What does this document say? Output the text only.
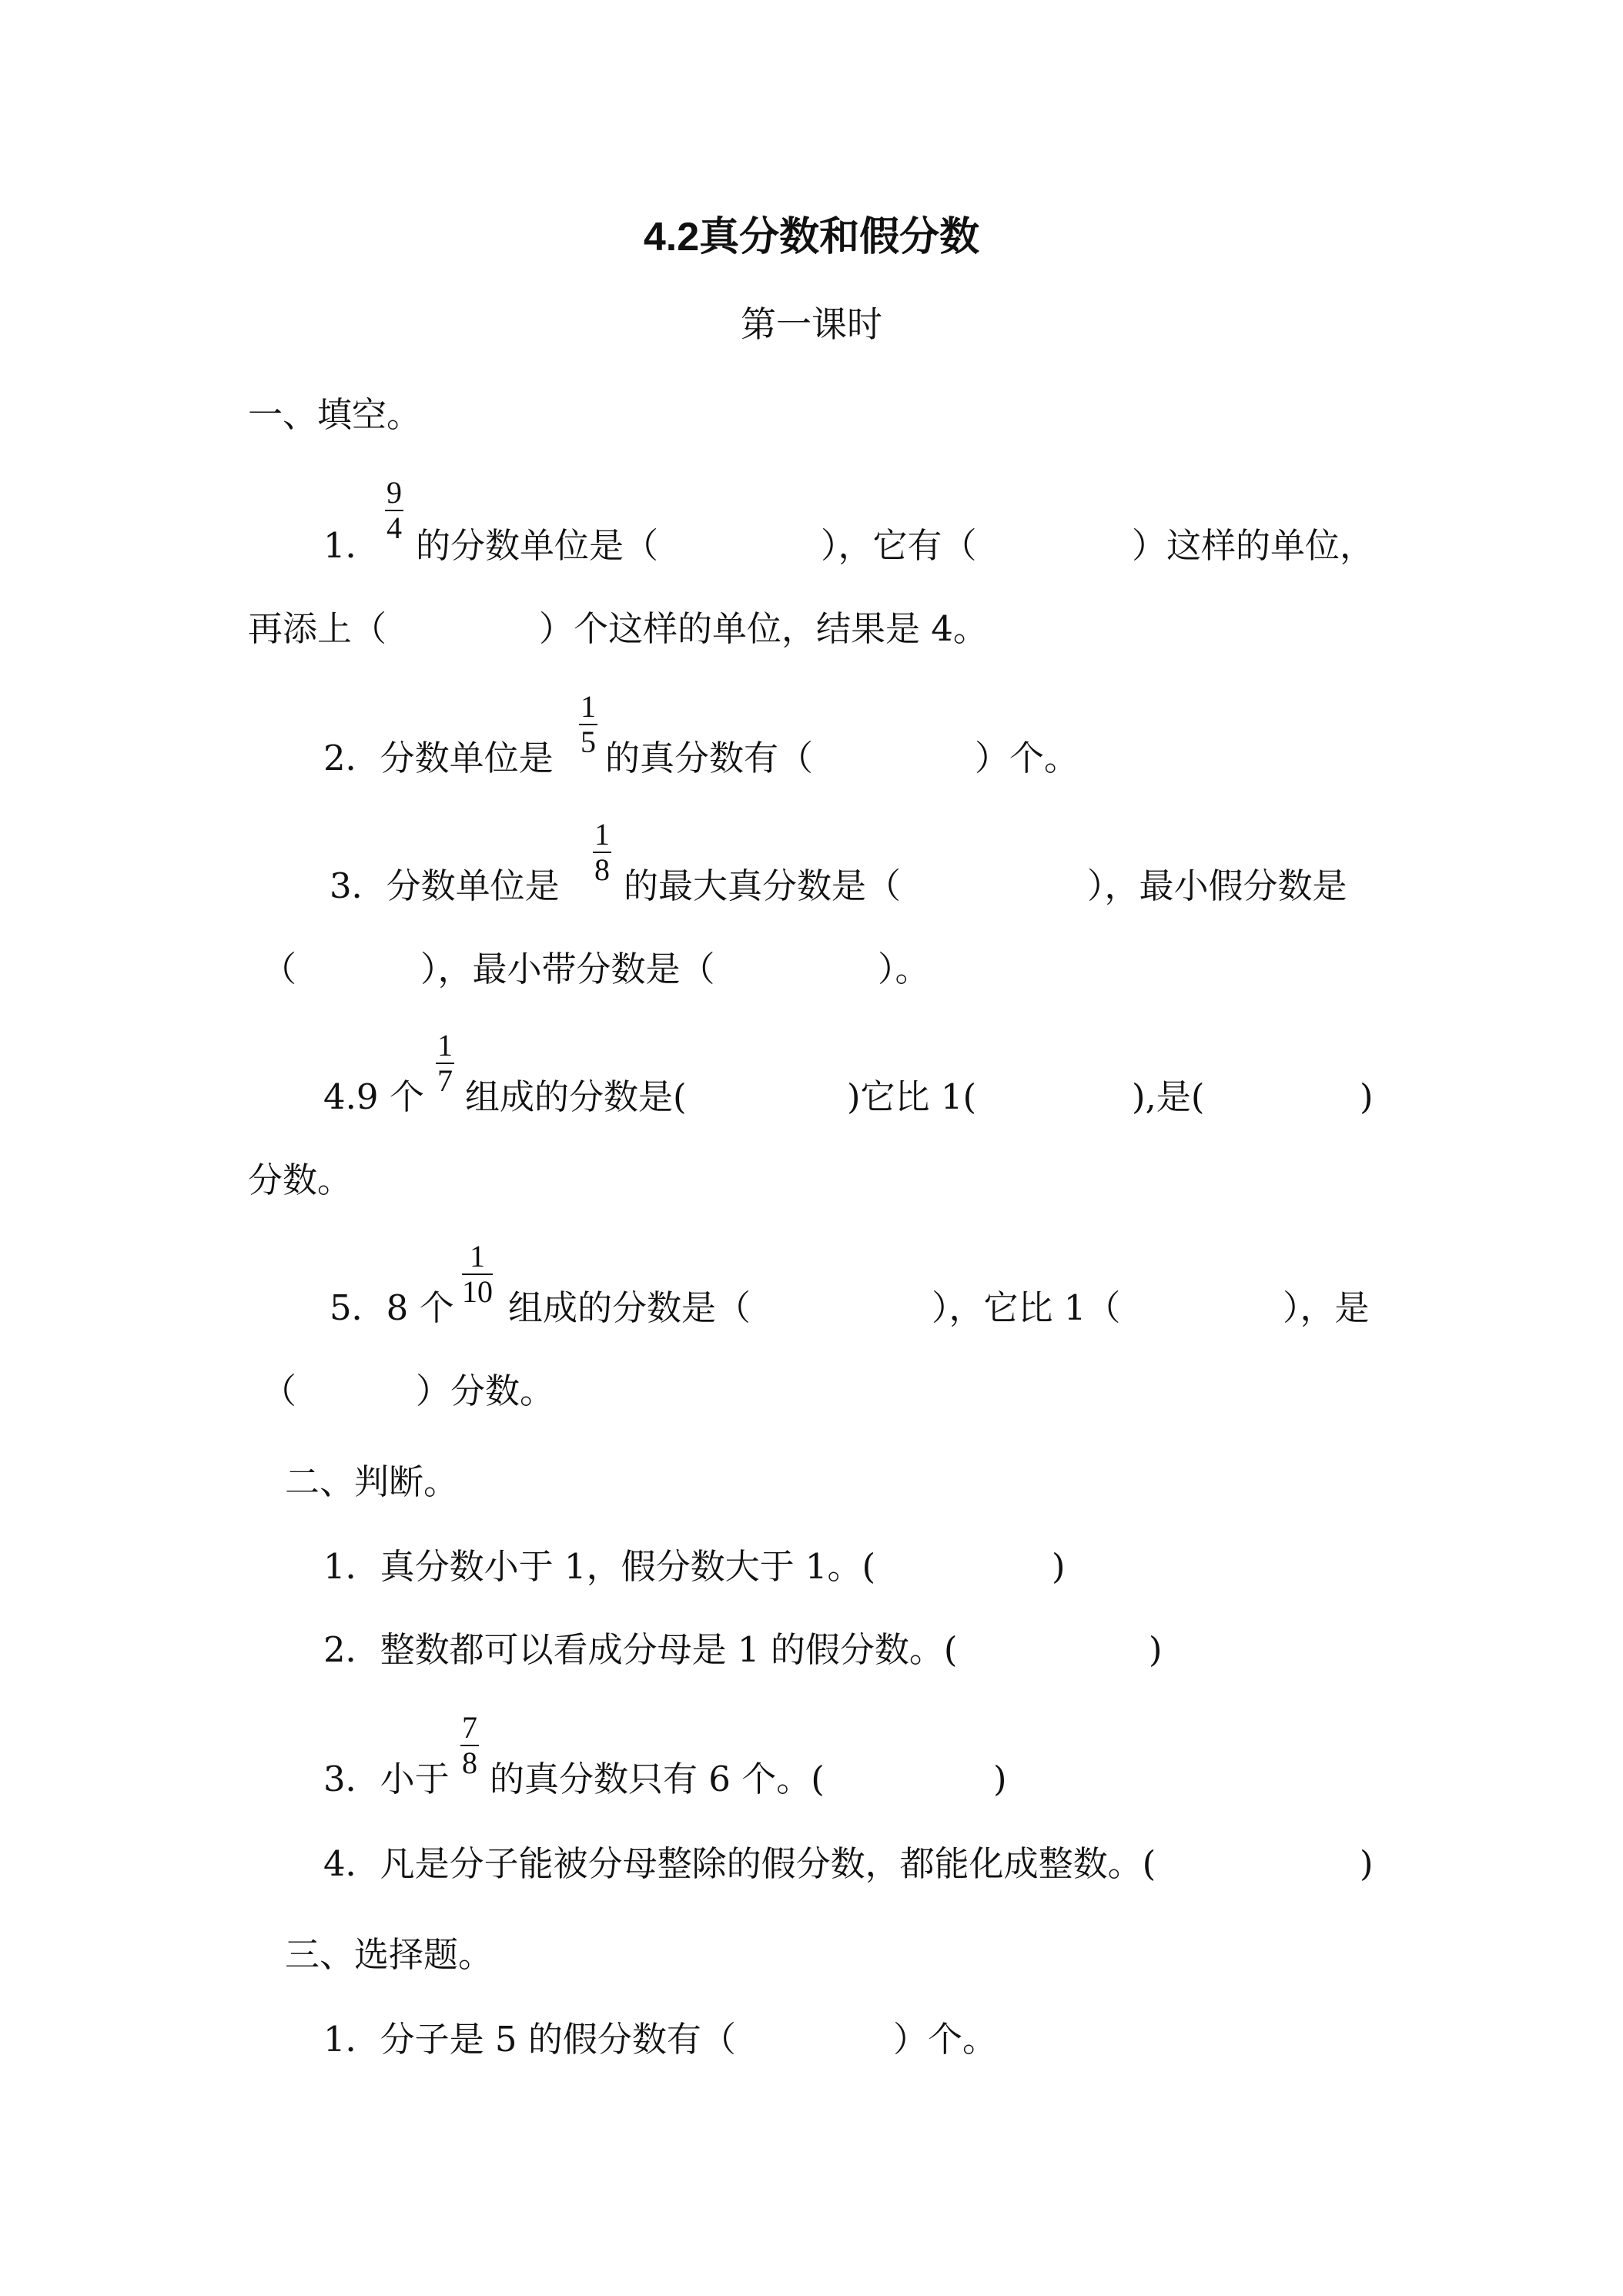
4.2真分数和假分数
第一课时
一、填空。
1．
9
4 的分数单位是（	），它有（	）这样的单位，
再添上（	）个这样的单位，结果是 4。
2．分数单位是
1
5 的真分数有（	）个。
3．分数单位是
1
8 的最大真分数是（	），最小假分数是
（	），最小带分数是（	）。
4.9 个
1
7 组成的分数是(	)它比 1(	),是(	)
分数。
5．8 个
1
10 组成的分数是（	），它比 1（	），是
（	）分数。
二、判断。
1．真分数小于 1，假分数大于 1。(	)
2．整数都可以看成分母是 1 的假分数。(	)
3．小于
7
8 的真分数只有 6 个。(	)
4．凡是分子能被分母整除的假分数，都能化成整数。(	)
三、选择题。
1．分子是 5 的假分数有（	）个。
